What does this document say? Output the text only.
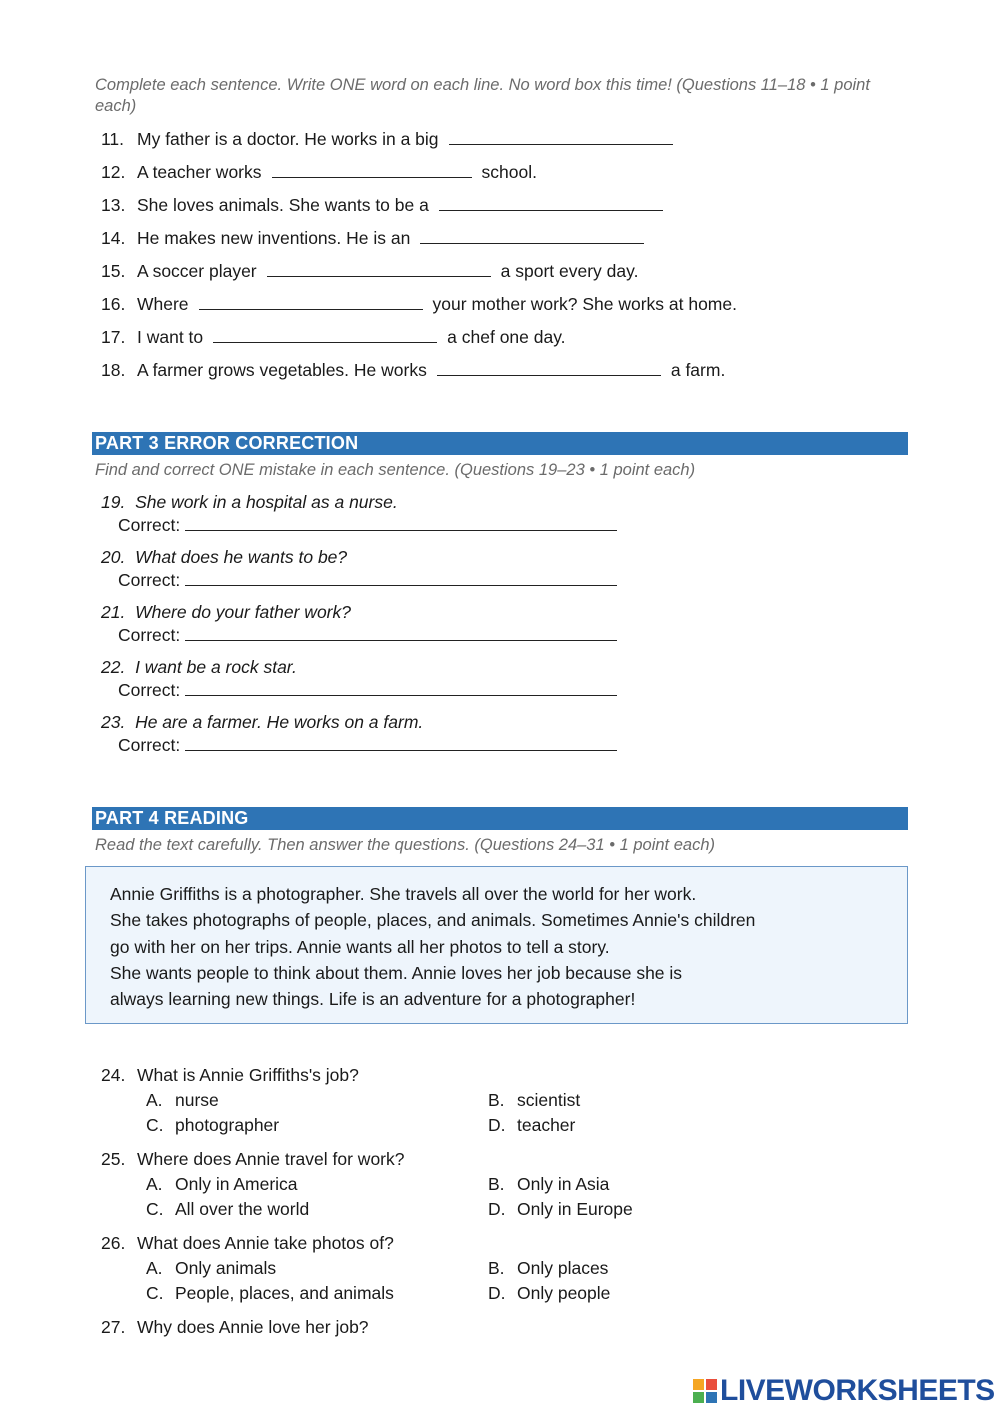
Complete each sentence. Write ONE word on each line. No word box this time! (Questions 11–18 • 1 point each)
11. My father is a doctor. He works in a big
12. A teacher works	school.
13. She loves animals. She wants to be a
14. He makes new inventions. He is an
15. A soccer player	a sport every day.
16. Where	your mother work? She works at home.
17. I want to	a chef one day.
18. A farmer grows vegetables. He works	a farm.
PART 3 ERROR CORRECTION
Find and correct ONE mistake in each sentence. (Questions 19–23 • 1 point each)
19. She work in a hospital as a nurse.
Correct:
20. What does he wants to be?
Correct:
21. Where do your father work?
Correct:
22. I want be a rock star.
Correct:
23. He are a farmer. He works on a farm.
Correct:
PART 4 READING
Read the text carefully. Then answer the questions. (Questions 24–31 • 1 point each)
Annie Griffiths is a photographer. She travels all over the world for her work.
She takes photographs of people, places, and animals. Sometimes Annie's children
go with her on her trips. Annie wants all her photos to tell a story.
She wants people to think about them. Annie loves her job because she is
always learning new things. Life is an adventure for a photographer!
24. What is Annie Griffiths's job?
A. nurse	B. scientist
C. photographer	D. teacher
25. Where does Annie travel for work?
A. Only in America	B. Only in Asia
C. All over the world	D. Only in Europe
26. What does Annie take photos of?
A. Only animals	B. Only places
C. People, places, and animals	D. Only people
27. Why does Annie love her job?
LIVEWORKSHEETS
